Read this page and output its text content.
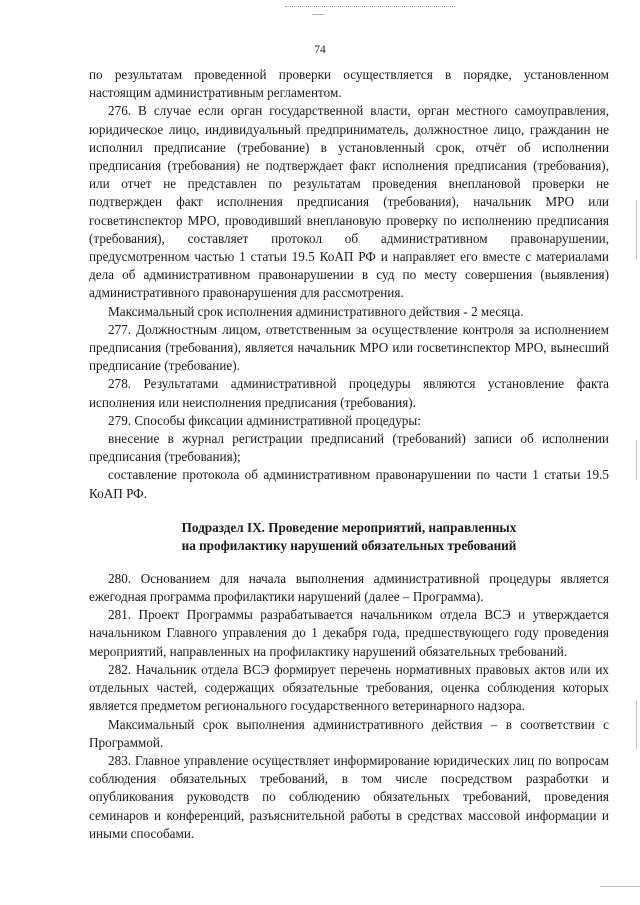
74

по результатам проведенной проверки осуществляется в порядке, установленном настоящим административным регламентом.

276. В случае если орган государственной власти, орган местного самоуправления, юридическое лицо, индивидуальный предприниматель, должностное лицо, гражданин не исполнил предписание (требование) в установленный срок, отчёт об исполнении предписания (требования) не подтверждает факт исполнения предписания (требования), или отчет не представлен по результатам проведения внеплановой проверки не подтвержден факт исполнения предписания (требования), начальник МРО или госветинспектор МРО, проводивший внеплановую проверку по исполнению предписания (требования), составляет протокол об административном правонарушении, предусмотренном частью 1 статьи 19.5 КоАП РФ и направляет его вместе с материалами дела об административном правонарушении в суд по месту совершения (выявления) административного правонарушения для рассмотрения.

Максимальный срок исполнения административного действия - 2 месяца.

277. Должностным лицом, ответственным за осуществление контроля за исполнением предписания (требования), является начальник МРО или госветинспектор МРО, вынесший предписание (требование).

278. Результатами административной процедуры являются установление факта исполнения или неисполнения предписания (требования).

279. Способы фиксации административной процедуры:

внесение в журнал регистрации предписаний (требований) записи об исполнении предписания (требования);

составление протокола об административном правонарушении по части 1 статьи 19.5 КоАП РФ.

Подраздел IX. Проведение мероприятий, направленных
на профилактику нарушений обязательных требований

280. Основанием для начала выполнения административной процедуры является ежегодная программа профилактики нарушений (далее – Программа).

281. Проект Программы разрабатывается начальником отдела ВСЭ и утверждается начальником Главного управления до 1 декабря года, предшествующего году проведения мероприятий, направленных на профилактику нарушений обязательных требований.

282. Начальник отдела ВСЭ формирует перечень нормативных правовых актов или их отдельных частей, содержащих обязательные требования, оценка соблюдения которых является предметом регионального государственного ветеринарного надзора.

Максимальный срок выполнения административного действия – в соответствии с Программой.

283. Главное управление осуществляет информирование юридических лиц по вопросам соблюдения обязательных требований, в том числе посредством разработки и опубликования руководств по соблюдению обязательных требований, проведения семинаров и конференций, разъяснительной работы в средствах массовой информации и иными способами.
